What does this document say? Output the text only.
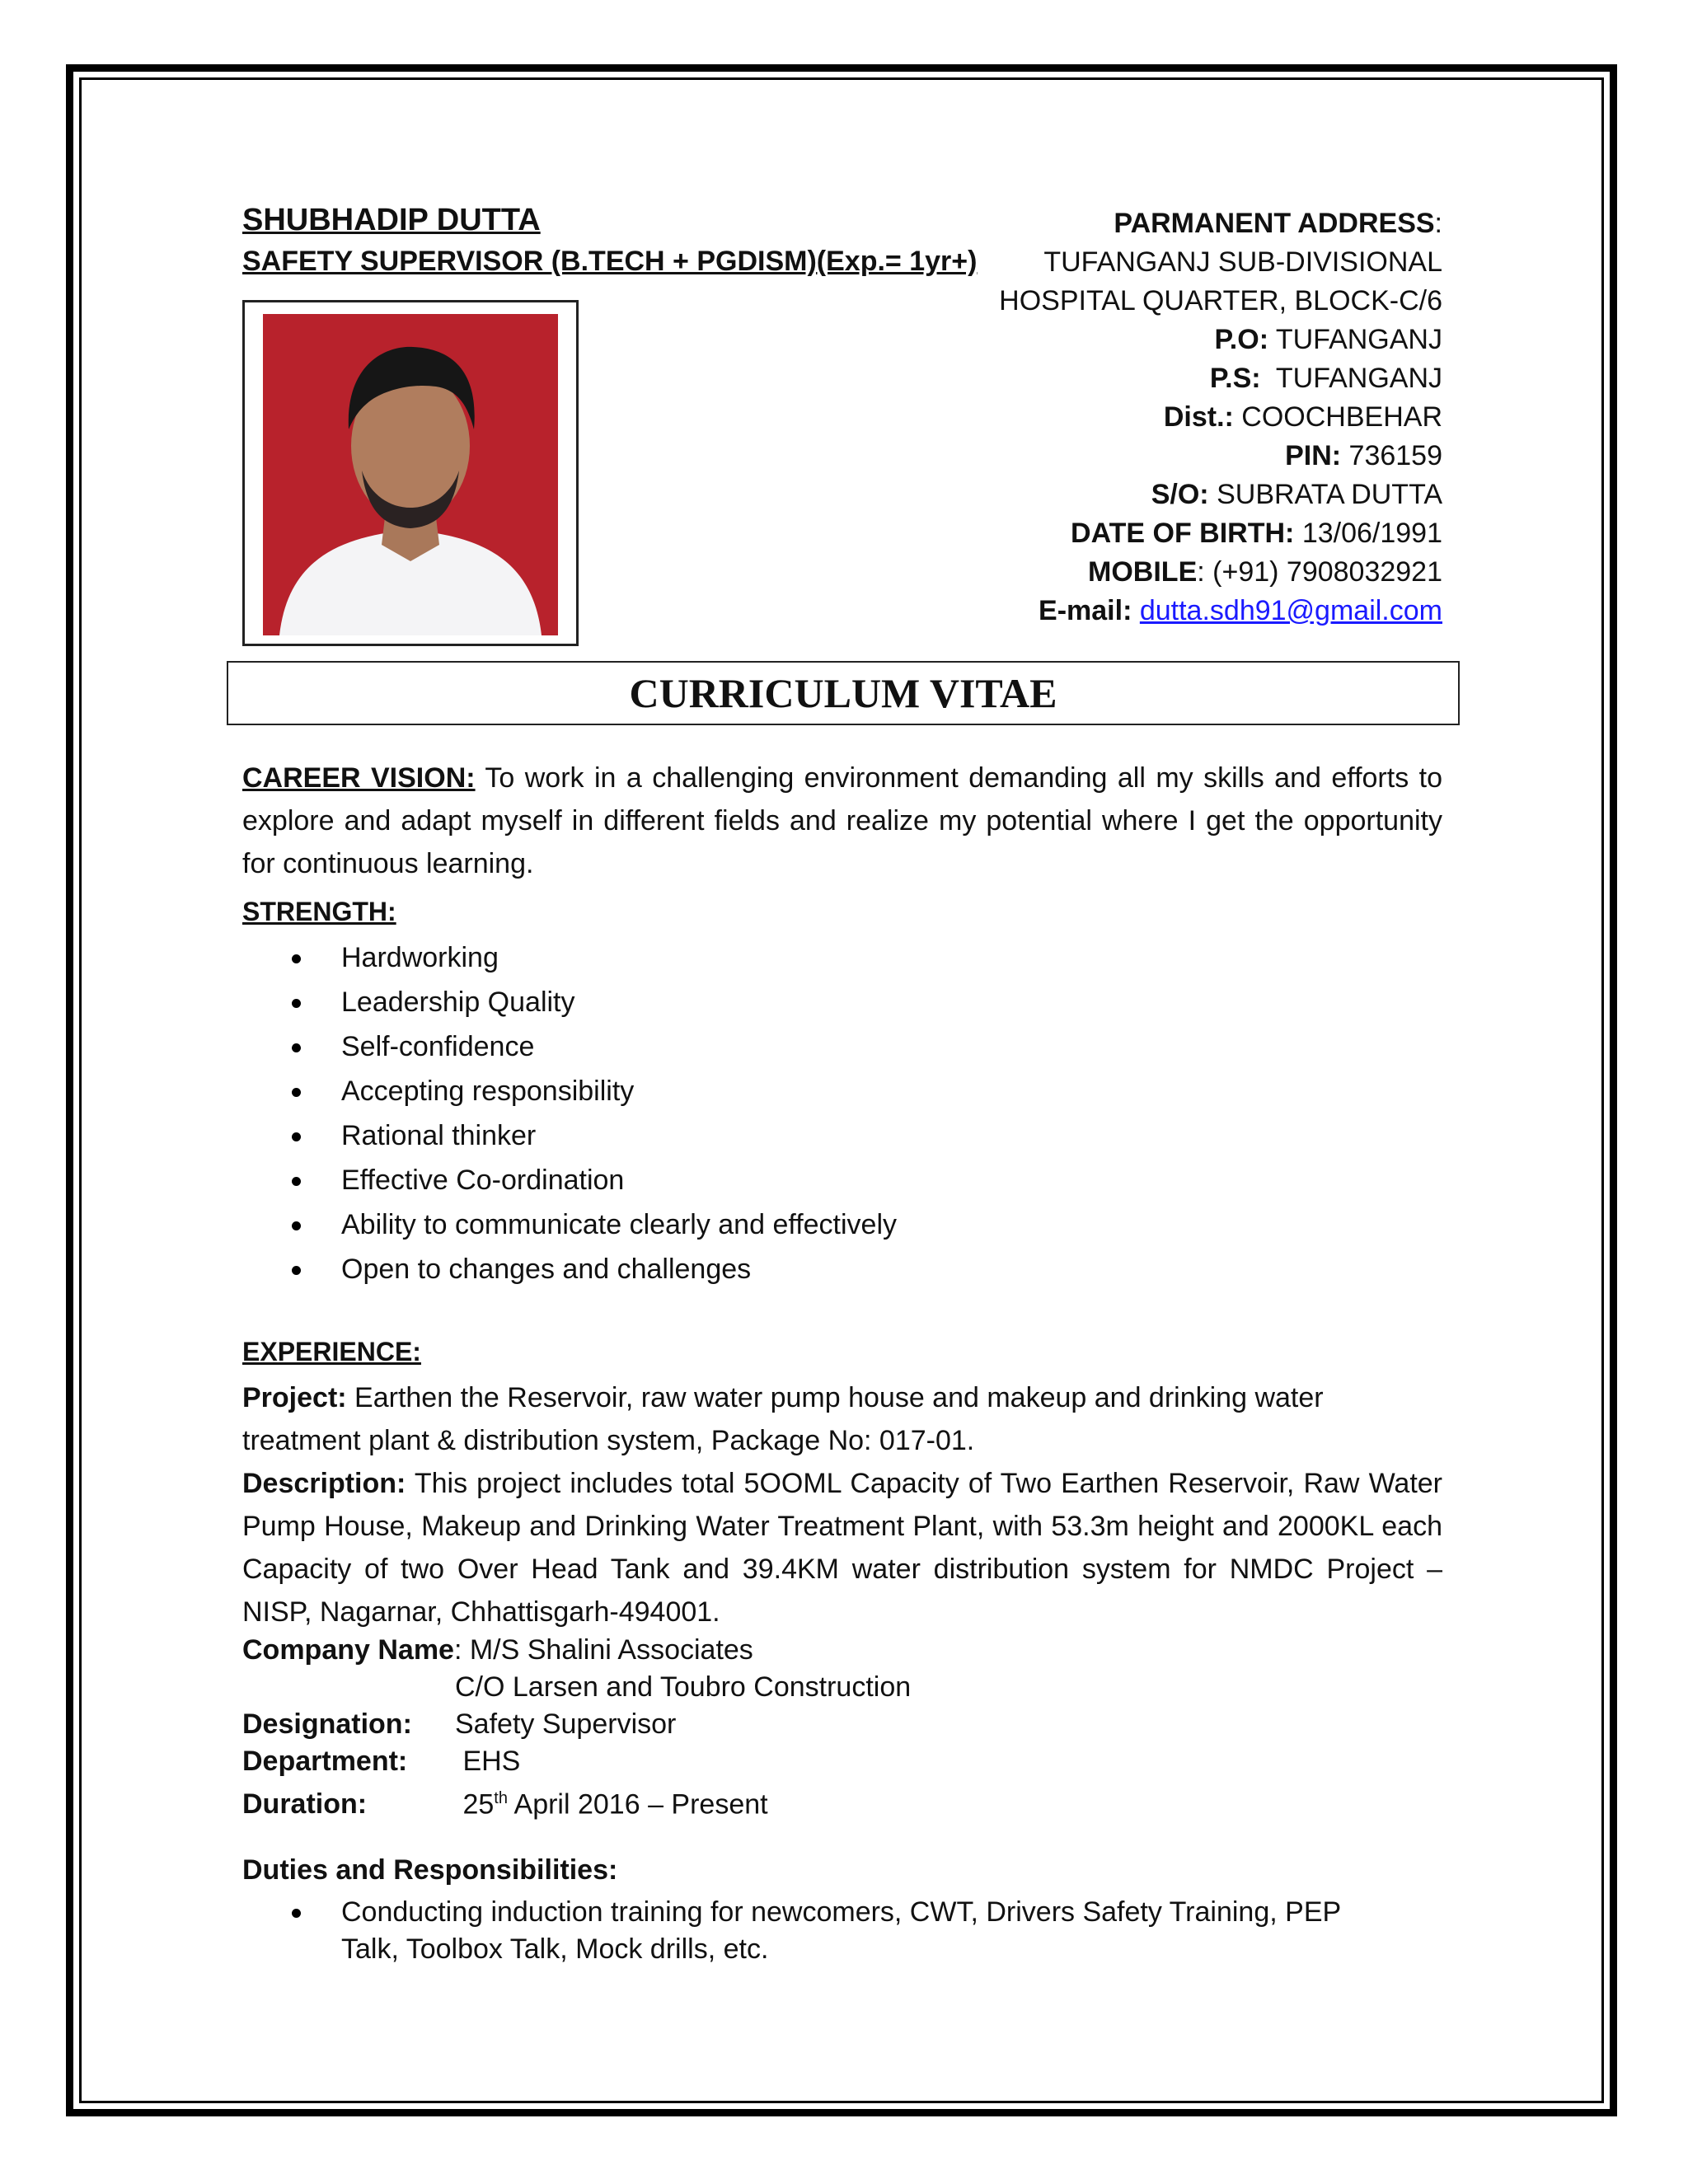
SHUBHADIP DUTTA
SAFETY SUPERVISOR (B.TECH + PGDISM)(Exp.= 1yr+)
PARMANENT ADDRESS:
TUFANGANJ SUB-DIVISIONAL
HOSPITAL QUARTER, BLOCK-C/6
P.O: TUFANGANJ
P.S:  TUFANGANJ
Dist.: COOCHBEHAR
PIN: 736159
S/O: SUBRATA DUTTA
DATE OF BIRTH: 13/06/1991
MOBILE: (+91) 7908032921
E-mail: dutta.sdh91@gmail.com
CURRICULUM VITAE
CAREER VISION: To work in a challenging environment demanding all my skills and efforts to explore and adapt myself in different fields and realize my potential where I get the opportunity for continuous learning.
STRENGTH:
Hardworking
Leadership Quality
Self-confidence
Accepting responsibility
Rational thinker
Effective Co-ordination
Ability to communicate clearly and effectively
Open to changes and challenges
EXPERIENCE:
Project: Earthen the Reservoir, raw water pump house and makeup and drinking water treatment plant & distribution system, Package No: 017-01.
Description: This project includes total 5OOML Capacity of Two Earthen Reservoir, Raw Water Pump House, Makeup and Drinking Water Treatment Plant, with 53.3m height and 2000KL each Capacity of two Over Head Tank and 39.4KM water distribution system for NMDC Project – NISP, Nagarnar, Chhattisgarh-494001.
Company Name: M/S Shalini Associates
C/O Larsen and Toubro Construction
Designation: Safety Supervisor
Department: EHS
Duration:	25th April 2016 – Present
Duties and Responsibilities:
Conducting induction training for newcomers, CWT, Drivers Safety Training, PEP Talk, Toolbox Talk, Mock drills, etc.
